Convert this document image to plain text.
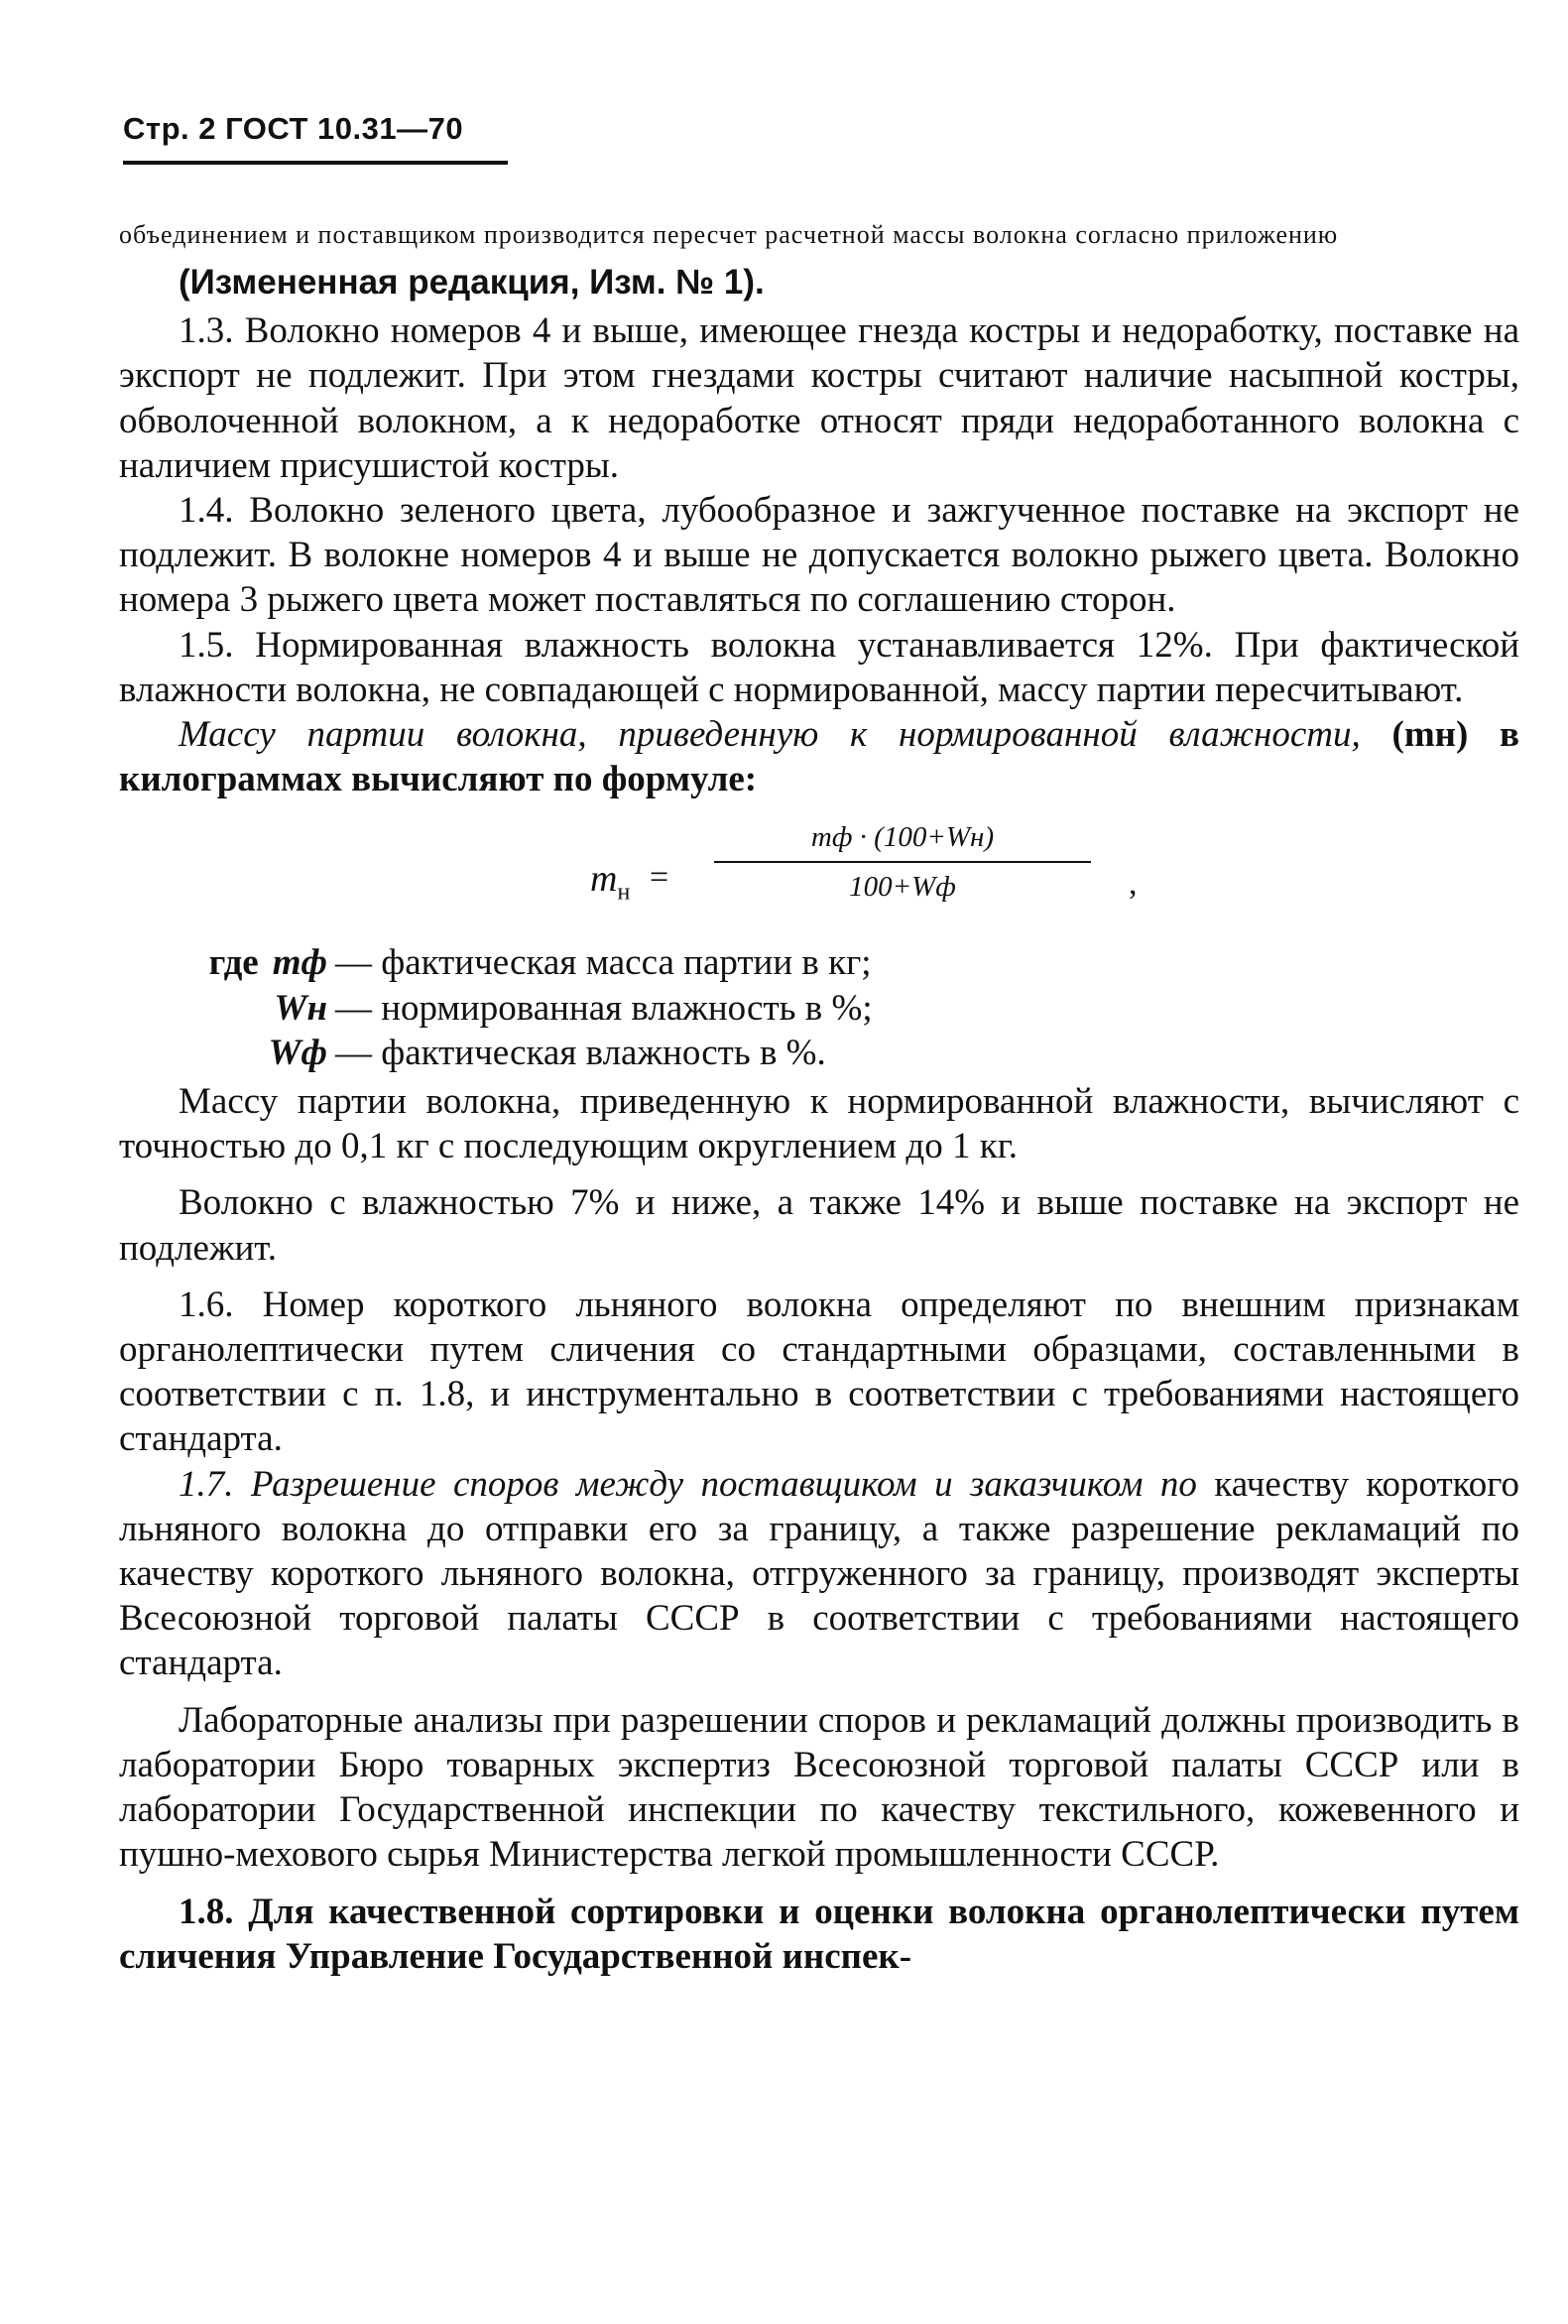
Стр. 2 ГОСТ 10.31—70

объединением и поставщиком производится пересчет расчетной массы волокна согласно приложению

(Измененная редакция, Изм. № 1).

1.3. Волокно номеров 4 и выше, имеющее гнезда костры и недоработку, поставке на экспорт не подлежит. При этом гнездами костры считают наличие насыпной костры, обволоченной волокном, а к недоработке относят пряди недоработанного волокна с наличием присушистой костры.

1.4. Волокно зеленого цвета, лубообразное и зажгученное поставке на экспорт не подлежит. В волокне номеров 4 и выше не допускается волокно рыжего цвета. Волокно номера 3 рыжего цвета может поставляться по соглашению сторон.

1.5. Нормированная влажность волокна устанавливается 12%. При фактической влажности волокна, не совпадающей с нормированной, массу партии пересчитывают.

Массу партии волокна, приведенную к нормированной влажности, (mн) в килограммах вычисляют по формуле:

$m_н$ =
mф · (100+Wн)
100+Wф	,
где mф — фактическая масса партии в кг;
Wн — нормированная влажность в %;
Wф — фактическая влажность в %.

Массу партии волокна, приведенную к нормированной влажности, вычисляют с точностью до 0,1 кг с последующим округлением до 1 кг.

Волокно с влажностью 7% и ниже, а также 14% и выше поставке на экспорт не подлежит.

1.6. Номер короткого льняного волокна определяют по внешним признакам органолептически путем сличения со стандартными образцами, составленными в соответствии с п. 1.8, и инструментально в соответствии с требованиями настоящего стандарта.

1.7. Разрешение споров между поставщиком и заказчиком по качеству короткого льняного волокна до отправки его за границу, а также разрешение рекламаций по качеству короткого льняного волокна, отгруженного за границу, производят эксперты Всесоюзной торговой палаты СССР в соответствии с требованиями настоящего стандарта.

Лабораторные анализы при разрешении споров и рекламаций должны производить в лаборатории Бюро товарных экспертиз Всесоюзной торговой палаты СССР или в лаборатории Государственной инспекции по качеству текстильного, кожевенного и пушно-мехового сырья Министерства легкой промышленности СССР.

1.8. Для качественной сортировки и оценки волокна органолептически путем сличения Управление Государственной инспек-
